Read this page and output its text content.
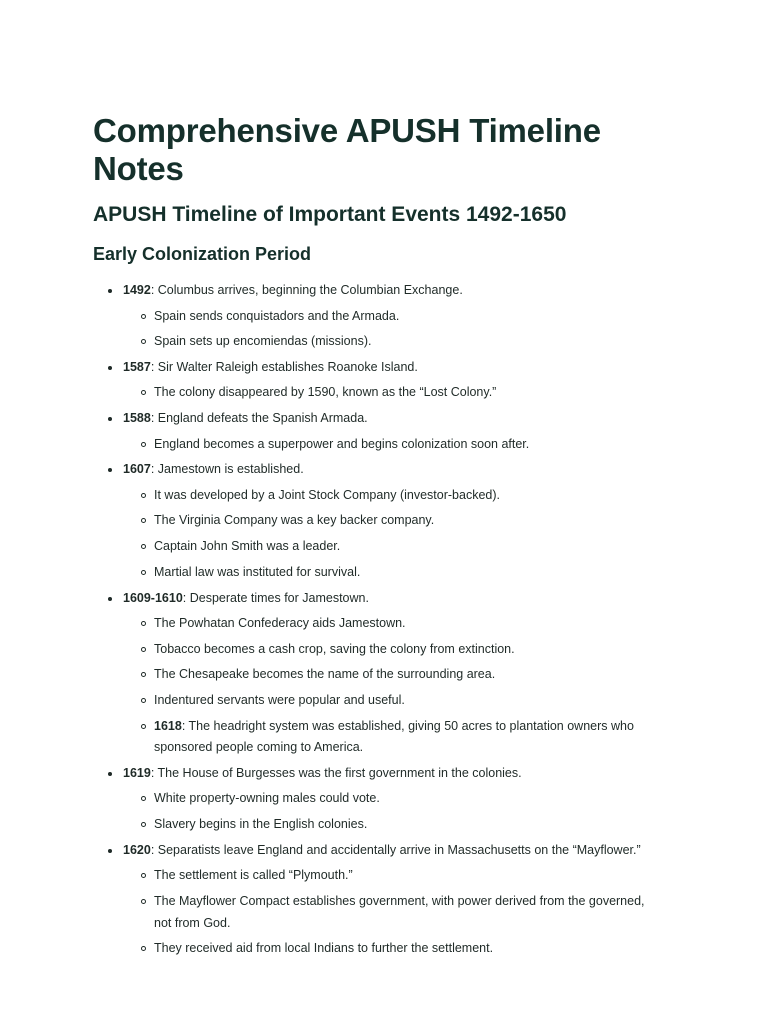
Comprehensive APUSH Timeline Notes
APUSH Timeline of Important Events 1492-1650
Early Colonization Period
1492: Columbus arrives, beginning the Columbian Exchange.
Spain sends conquistadors and the Armada.
Spain sets up encomiendas (missions).
1587: Sir Walter Raleigh establishes Roanoke Island.
The colony disappeared by 1590, known as the “Lost Colony.”
1588: England defeats the Spanish Armada.
England becomes a superpower and begins colonization soon after.
1607: Jamestown is established.
It was developed by a Joint Stock Company (investor-backed).
The Virginia Company was a key backer company.
Captain John Smith was a leader.
Martial law was instituted for survival.
1609-1610: Desperate times for Jamestown.
The Powhatan Confederacy aids Jamestown.
Tobacco becomes a cash crop, saving the colony from extinction.
The Chesapeake becomes the name of the surrounding area.
Indentured servants were popular and useful.
1618: The headright system was established, giving 50 acres to plantation owners who sponsored people coming to America.
1619: The House of Burgesses was the first government in the colonies.
White property-owning males could vote.
Slavery begins in the English colonies.
1620: Separatists leave England and accidentally arrive in Massachusetts on the “Mayflower.”
The settlement is called “Plymouth.”
The Mayflower Compact establishes government, with power derived from the governed, not from God.
They received aid from local Indians to further the settlement.
